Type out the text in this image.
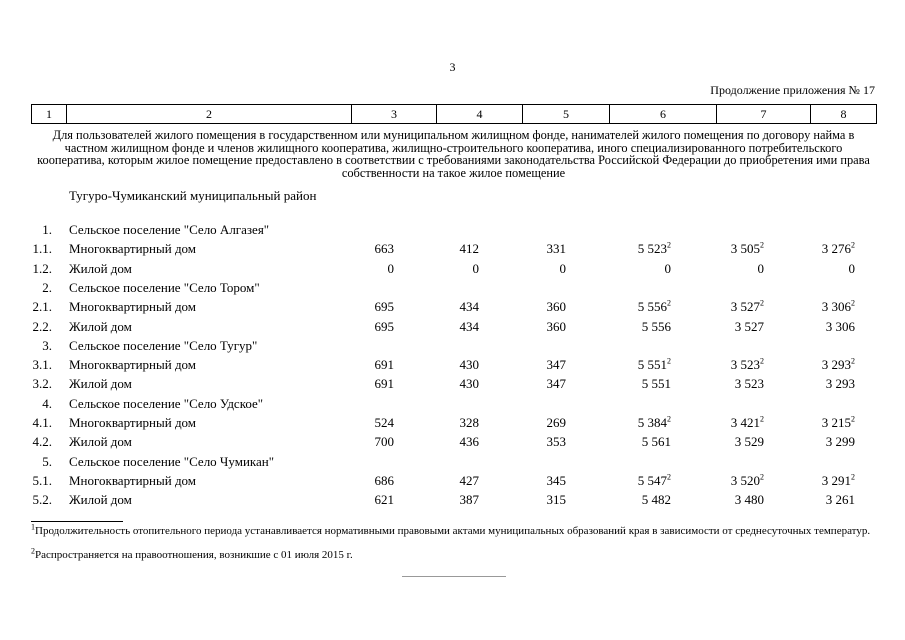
3
Продолжение приложения № 17
1	2	3	4	5	6	7	8
Для пользователей жилого помещения в государственном или муниципальном жилищном фонде, нанимателей жилого помещения по договору найма в частном жилищном фонде и членов жилищного кооператива, жилищно-строительного кооператива, иного специализированного потребительского кооператива, которым жилое помещение предоставлено в соответствии с требованиями законодательства Российской Федерации до приобретения ими права собственности на такое жилое помещение
Тугуро-Чумиканский муниципальный район
1. Сельское поселение "Село Алгазея"
1.1. Многоквартирный дом	663	412	331	5 $523^2$	3 $505^2$	3 $276^2$
1.2. Жилой дом	0	0	0	0	0	0
2. Сельское поселение "Село Тором"
2.1. Многоквартирный дом	695	434	360	5 $556^2$	3 $527^2$	3 $306^2$
2.2. Жилой дом	695	434	360	5 556	3 527	3 306
3. Сельское поселение "Село Тугур"
3.1. Многоквартирный дом	691	430	347	5 $551^2$	3 $523^2$	3 $293^2$
3.2. Жилой дом	691	430	347	5 551	3 523	3 293
4. Сельское поселение "Село Удское"
4.1. Многоквартирный дом	524	328	269	5 $384^2$	3 $421^2$	3 $215^2$
4.2. Жилой дом	700	436	353	5 561	3 529	3 299
5. Сельское поселение "Село Чумикан"
5.1. Многоквартирный дом	686	427	345	5 $547^2$	3 $520^2$	3 $291^2$
5.2. Жилой дом	621	387	315	5 482	3 480	3 261
$^1$Продолжительность отопительного периода устанавливается нормативными правовыми актами муниципальных образований края в зависимости от среднесуточных температур.
$^2$Распространяется на правоотношения, возникшие с 01 июля 2015 г.
